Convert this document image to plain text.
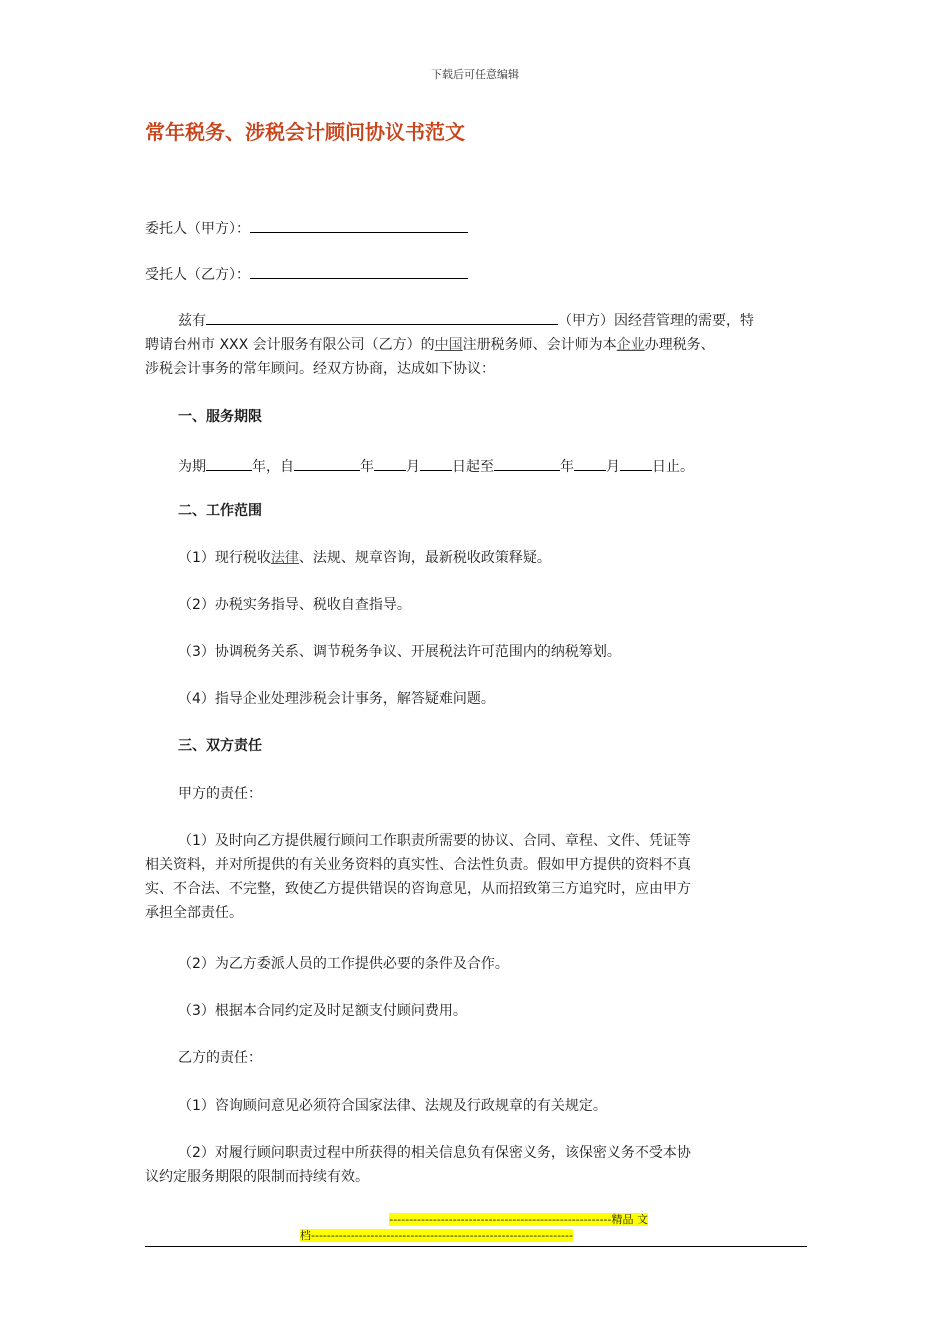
下载后可任意编辑
常年税务、涉税会计顾问协议书范文
委托人（甲方）：
受托人（乙方）：
兹有	（甲方）因经营管理的需要，特
聘请台州市 XXX 会计服务有限公司（乙方）的中国注册税务师、会计师为本企业办理税务、
涉税会计事务的常年顾问。经双方协商，达成如下协议：
一、服务期限
为期	年，自	年 月 日起至	年 月 日止。
二、工作范围
（1）现行税收法律、法规、规章咨询，最新税收政策释疑。
（2）办税实务指导、税收自查指导。
（3）协调税务关系、调节税务争议、开展税法许可范围内的纳税筹划。
（4）指导企业处理涉税会计事务，解答疑难问题。
三、双方责任
甲方的责任：
（1）及时向乙方提供履行顾问工作职责所需要的协议、合同、章程、文件、凭证等
相关资料，并对所提供的有关业务资料的真实性、合法性负责。假如甲方提供的资料不真
实、不合法、不完整，致使乙方提供错误的咨询意见，从而招致第三方追究时，应由甲方
承担全部责任。
（2）为乙方委派人员的工作提供必要的条件及合作。
（3）根据本合同约定及时足额支付顾问费用。
乙方的责任：
（1）咨询顾问意见必须符合国家法律、法规及行政规章的有关规定。
（2）对履行顾问职责过程中所获得的相关信息负有保密义务，该保密义务不受本协
议约定服务期限的限制而持续有效。
--------------------------------------------------------精品 文
档------------------------------------------------------------------
